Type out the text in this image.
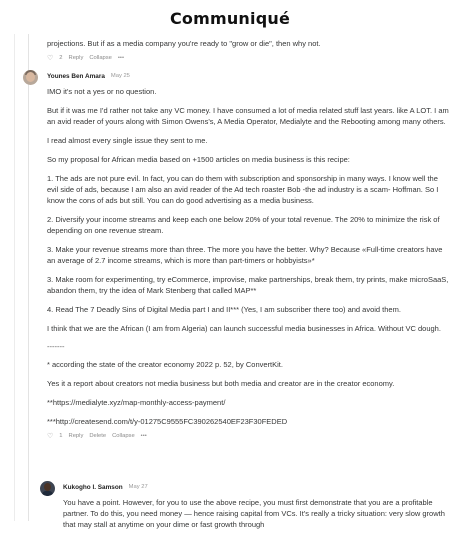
Communiqué

projections. But if as a media company you're ready to "grow or die", then why not.

♡ 2 Reply Collapse •••
Younes Ben Amara May 25

IMO it's not a yes or no question.

But if it was me I'd rather not take any VC money. I have consumed a lot of media related stuff last years. like A LOT. I am an avid reader of yours along with Simon Owens's, A Media Operator, Medialyte and the Rebooting among many others.

I read almost every single issue they sent to me.

So my proposal for African media based on +1500 articles on media business is this recipe:

1. The ads are not pure evil. In fact, you can do them with subscription and sponsorship in many ways. I know well the evil side of ads, because I am also an avid reader of the Ad tech roaster Bob -the ad industry is a scam- Hoffman. So I know the cons of ads but still. You can do good advertising as a media business.

2. Diversify your income streams and keep each one below 20% of your total revenue. The 20% to minimize the risk of depending on one revenue stream.

3. Make your revenue streams more than three. The more you have the better. Why? Because «Full-time creators have an average of 2.7 income streams, which is more than part-timers or hobbyists»*

3. Make room for experimenting, try eCommerce, improvise, make partnerships, break them, try prints, make microSaaS, abandon them, try the idea of Mark Stenberg that called MAP**

4. Read The 7 Deadly Sins of Digital Media part I and II*** (Yes, I am subscriber there too) and avoid them.

I think that we are the African (I am from Algeria) can launch successful media businesses in Africa. Without VC dough.

-------

* according the state of the creator economy 2022 p. 52, by ConvertKit.

Yes it a report about creators not media business but both media and creator are in the creator economy.

**https://medialyte.xyz/map-monthly-access-payment/

***http://createsend.com/t/y-01275C9555FC390262540EF23F30FEDED

♡ 1 Reply Delete Collapse •••
Kukogho I. Samson May 27

You have a point. However, for you to use the above recipe, you must first demonstrate that you are a profitable partner. To do this, you need money — hence raising capital from VCs. It's really a tricky situation: very slow growth that may stall at anytime on your dime or fast growth through
